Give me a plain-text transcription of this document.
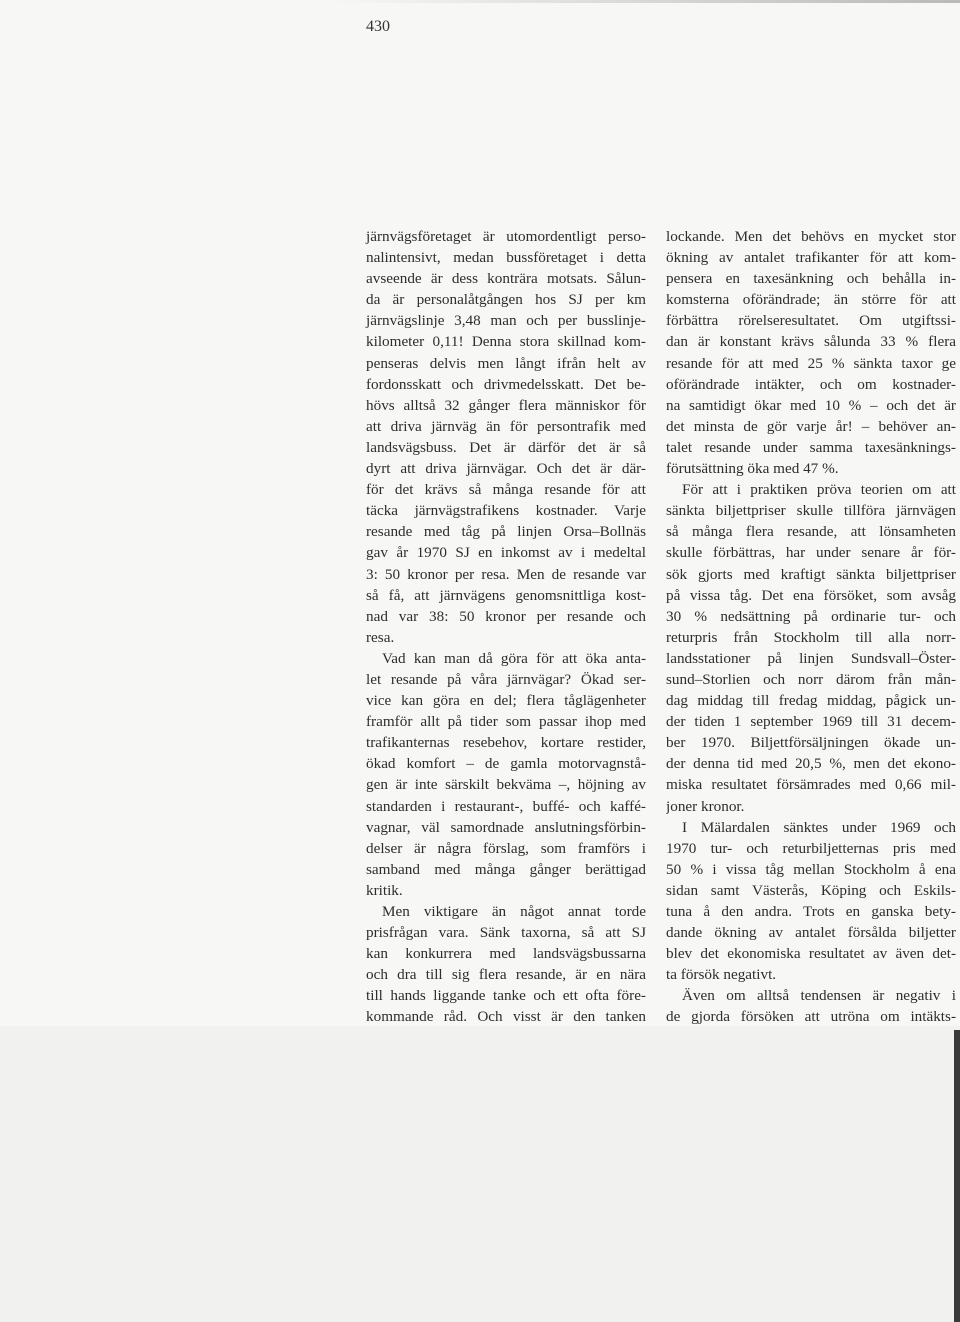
430
järnvägsföretaget är utomordentligt perso-
nalintensivt, medan bussföretaget i detta
avseende är dess konträra motsats. Sålun-
da är personalåtgången hos SJ per km
järnvägslinje 3,48 man och per busslinje-
kilometer 0,11! Denna stora skillnad kom-
penseras delvis men långt ifrån helt av
fordonsskatt och drivmedelsskatt. Det be-
hövs alltså 32 gånger flera människor för
att driva järnväg än för persontrafik med
landsvägsbuss. Det är därför det är så
dyrt att driva järnvägar. Och det är där-
för det krävs så många resande för att
täcka järnvägstrafikens kostnader. Varje
resande med tåg på linjen Orsa–Bollnäs
gav år 1970 SJ en inkomst av i medeltal
3: 50 kronor per resa. Men de resande var
så få, att järnvägens genomsnittliga kost-
nad var 38: 50 kronor per resande och
resa.
Vad kan man då göra för att öka anta-
let resande på våra järnvägar? Ökad ser-
vice kan göra en del; flera tåglägenheter
framför allt på tider som passar ihop med
trafikanternas resebehov, kortare restider,
ökad komfort – de gamla motorvagnstå-
gen är inte särskilt bekväma –, höjning av
standarden i restaurant-, buffé- och kaffé-
vagnar, väl samordnade anslutningsförbin-
delser är några förslag, som framförs i
samband med många gånger berättigad
kritik.
Men viktigare än något annat torde
prisfrågan vara. Sänk taxorna, så att SJ
kan konkurrera med landsvägsbussarna
och dra till sig flera resande, är en nära
till hands liggande tanke och ett ofta före-
kommande råd. Och visst är den tanken
lockande. Men det behövs en mycket stor
ökning av antalet trafikanter för att kom-
pensera en taxesänkning och behålla in-
komsterna oförändrade; än större för att
förbättra rörelseresultatet. Om utgiftssi-
dan är konstant krävs sålunda 33 % flera
resande för att med 25 % sänkta taxor ge
oförändrade intäkter, och om kostnader-
na samtidigt ökar med 10 % – och det är
det minsta de gör varje år! – behöver an-
talet resande under samma taxesänknings-
förutsättning öka med 47 %.
För att i praktiken pröva teorien om att
sänkta biljettpriser skulle tillföra järnvägen
så många flera resande, att lönsamheten
skulle förbättras, har under senare år för-
sök gjorts med kraftigt sänkta biljettpriser
på vissa tåg. Det ena försöket, som avsåg
30 % nedsättning på ordinarie tur- och
returpris från Stockholm till alla norr-
landsstationer på linjen Sundsvall–Öster-
sund–Storlien och norr därom från mån-
dag middag till fredag middag, pågick un-
der tiden 1 september 1969 till 31 decem-
ber 1970. Biljettförsäljningen ökade un-
der denna tid med 20,5 %, men det ekono-
miska resultatet försämrades med 0,66 mil-
joner kronor.
I Mälardalen sänktes under 1969 och
1970 tur- och returbiljetternas pris med
50 % i vissa tåg mellan Stockholm å ena
sidan samt Västerås, Köping och Eskils-
tuna å den andra. Trots en ganska bety-
dande ökning av antalet försålda biljetter
blev det ekonomiska resultatet av även det-
ta försök negativt.
Även om alltså tendensen är negativ i
de gjorda försöken att utröna om intäkts-
